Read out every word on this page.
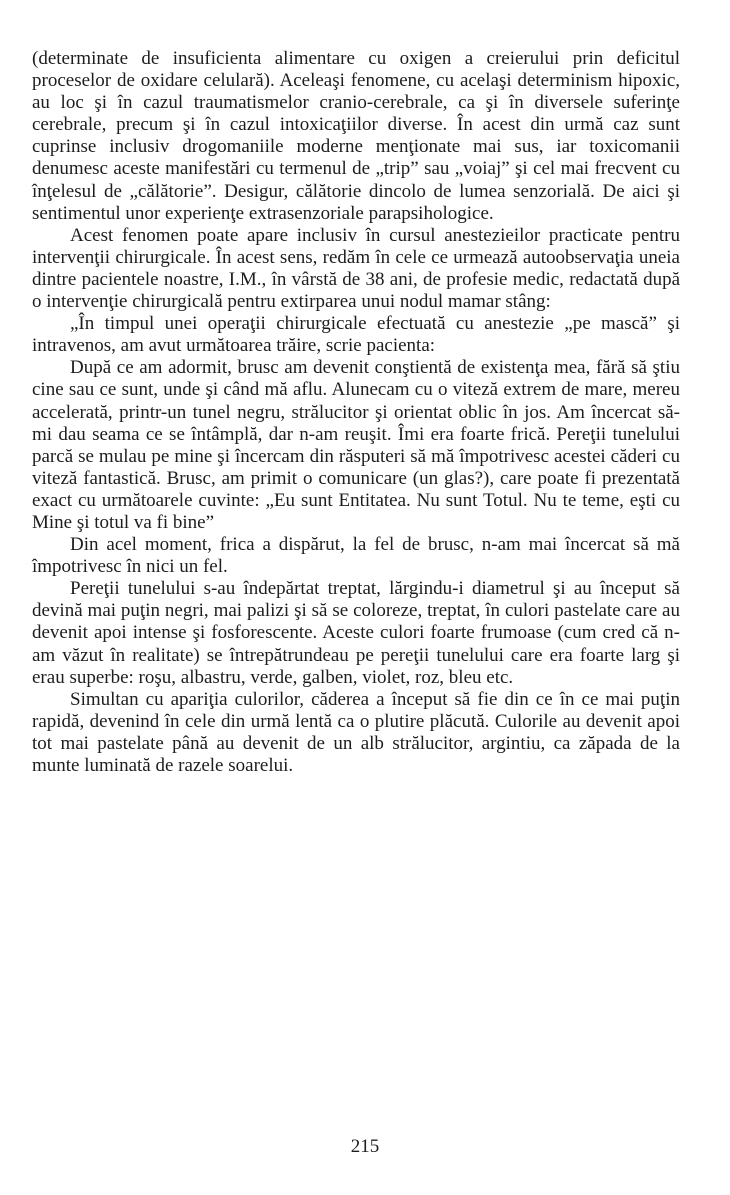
(determinate de insuficienta alimentare cu oxigen a creierului prin deficitul proceselor de oxidare celulară). Aceleaşi fenomene, cu acelaşi determinism hipoxic, au loc şi în cazul traumatismelor cranio-cerebrale, ca şi în diversele suferinţe cerebrale, precum şi în cazul intoxicaţiilor diverse. În acest din urmă caz sunt cuprinse inclusiv drogomaniile moderne menţionate mai sus, iar toxicomanii denumesc aceste manifestări cu termenul de „trip” sau „voiaj” şi cel mai frecvent cu înţelesul de „călătorie”. Desigur, călătorie dincolo de lumea senzorială. De aici şi sentimentul unor experienţe extrasenzoriale parapsihologice.

Acest fenomen poate apare inclusiv în cursul anestezieilor practicate pentru intervenţii chirurgicale. În acest sens, redăm în cele ce urmează autoobservaţia uneia dintre pacientele noastre, I.M., în vârstă de 38 ani, de profesie medic, redactată după o intervenţie chirurgicală pentru extirparea unui nodul mamar stâng:

„În timpul unei operaţii chirurgicale efectuată cu anestezie „pe mască” şi intravenos, am avut următoarea trăire, scrie pacienta:

După ce am adormit, brusc am devenit conştientă de existenţa mea, fără să ştiu cine sau ce sunt, unde şi când mă aflu. Alunecam cu o viteză extrem de mare, mereu accelerată, printr-un tunel negru, strălucitor şi orientat oblic în jos. Am încercat să-mi dau seama ce se întâmplă, dar n-am reuşit. Îmi era foarte frică. Pereţii tunelului parcă se mulau pe mine şi încercam din răsputeri să mă împotrivesc acestei căderi cu viteză fantastică. Brusc, am primit o comunicare (un glas?), care poate fi prezentată exact cu următoarele cuvinte: „Eu sunt Entitatea. Nu sunt Totul. Nu te teme, eşti cu Mine şi totul va fi bine”

Din acel moment, frica a dispărut, la fel de brusc, n-am mai încercat să mă împotrivesc în nici un fel.

Pereţii tunelului s-au îndepărtat treptat, lărgindu-i diametrul şi au început să devină mai puţin negri, mai palizi şi să se coloreze, treptat, în culori pastelate care au devenit apoi intense şi fosforescente. Aceste culori foarte frumoase (cum cred că n-am văzut în realitate) se întrepătrundeau pe pereţii tunelului care era foarte larg şi erau superbe: roşu, albastru, verde, galben, violet, roz, bleu etc.

Simultan cu apariţia culorilor, căderea a început să fie din ce în ce mai puţin rapidă, devenind în cele din urmă lentă ca o plutire plăcută. Culorile au devenit apoi tot mai pastelate până au devenit de un alb strălucitor, argintiu, ca zăpada de la munte luminată de razele soarelui.

215
